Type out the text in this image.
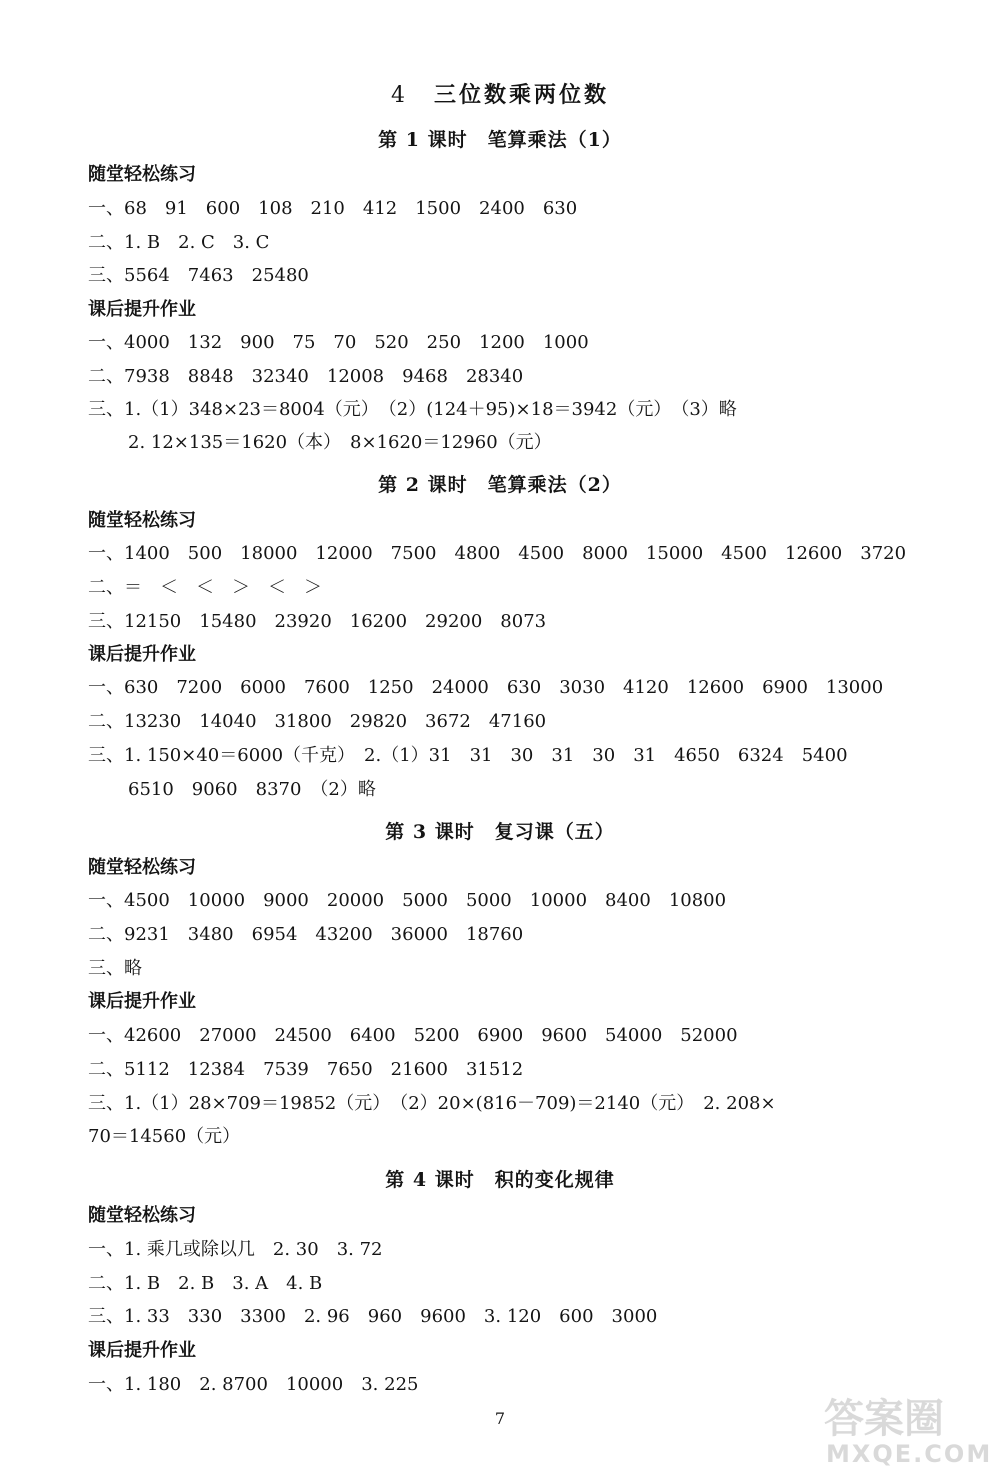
4 三位数乘两位数
第 1 课时　笔算乘法（1）
随堂轻松练习
一、68　91　600　108　210　412　1500　2400　630
二、1. B　2. C　3. C
三、5564　7463　25480
课后提升作业
一、4000　132　900　75　70　520　250　1200　1000
二、7938　8848　32340　12008　9468　28340
三、1.（1）348×23＝8004（元）　（2）(124＋95)×18＝3942（元）　（3）略
2. 12×135＝1620（本）　8×1620＝12960（元）
第 2 课时　笔算乘法（2）
随堂轻松练习
一、1400　500　18000　12000　7500　4800　4500　8000　15000　4500　12600　3720
二、＝　＜　＜　＞　＜　＞
三、12150　15480　23920　16200　29200　8073
课后提升作业
一、630　7200　6000　7600　1250　24000　630　3030　4120　12600　6900　13000
二、13230　14040　31800　29820　3672　47160
三、1. 150×40＝6000（千克）　2.（1）31　31　30　31　30　31　4650　6324　5400
6510　9060　8370　（2）略
第 3 课时　复习课（五）
随堂轻松练习
一、4500　10000　9000　20000　5000　5000　10000　8400　10800
二、9231　3480　6954　43200　36000　18760
三、略
课后提升作业
一、42600　27000　24500　6400　5200　6900　9600　54000　52000
二、5112　12384　7539　7650　21600　31512
三、1.（1）28×709＝19852（元）　（2）20×(816－709)＝2140（元）　2. 208×
70＝14560（元）
第 4 课时　积的变化规律
随堂轻松练习
一、1. 乘几或除以几　2. 30　3. 72
二、1. B　2. B　3. A　4. B
三、1. 33　330　3300　2. 96　960　9600　3. 120　600　3000
课后提升作业
一、1. 180　2. 8700　10000　3. 225
7	答案圈
MXQE.COM
